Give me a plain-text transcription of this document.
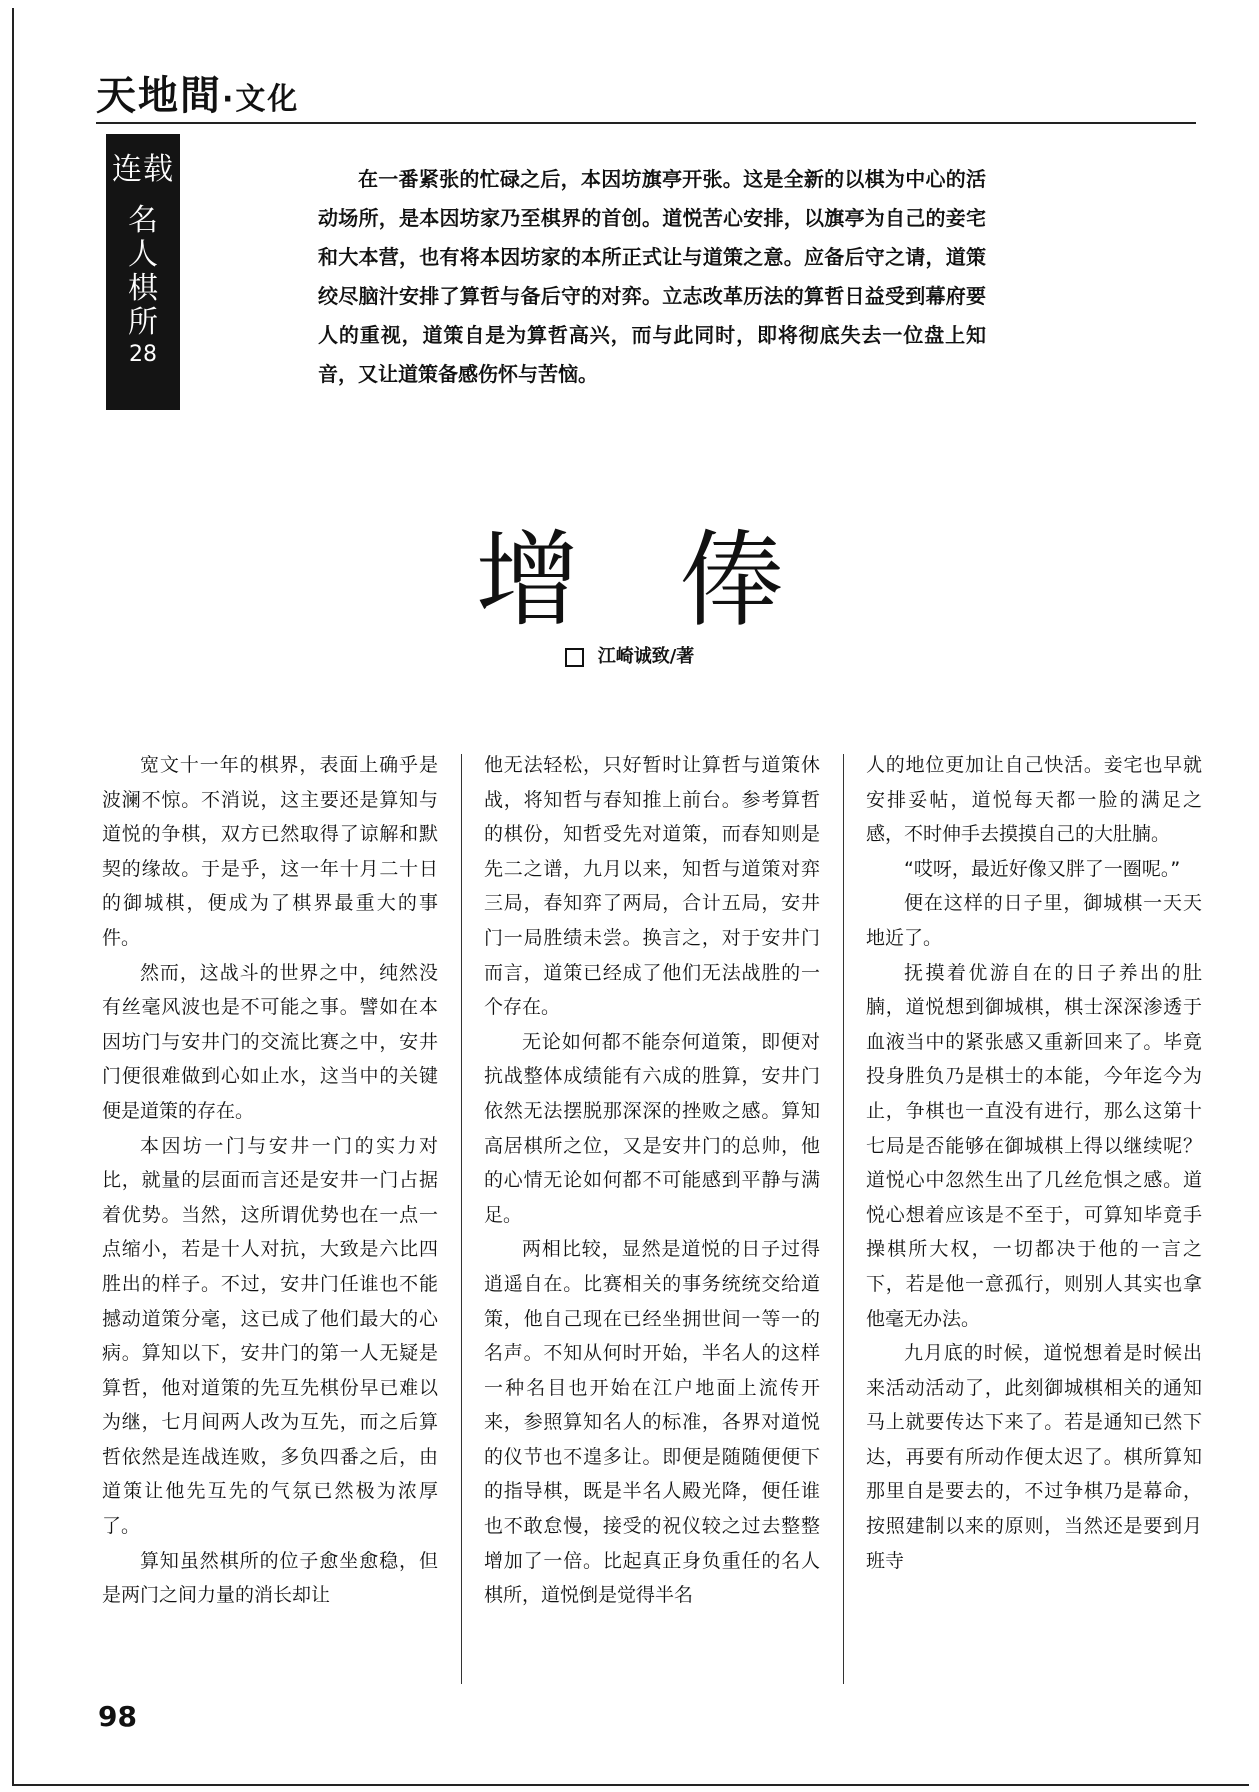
天地間·文化
连载
名
人
棋
所
28

在一番紧张的忙碌之后，本因坊旗亭开张。这是全新的以棋为中心的活动场所，是本因坊家乃至棋界的首创。道悦苦心安排，以旗亭为自己的妾宅和大本营，也有将本因坊家的本所正式让与道策之意。应备后守之请，道策绞尽脑汁安排了算哲与备后守的对弈。立志改革历法的算哲日益受到幕府要人的重视，道策自是为算哲高兴，而与此同时，即将彻底失去一位盘上知音，又让道策备感伤怀与苦恼。

增俸
江崎诚致/著

宽文十一年的棋界，表面上确乎是波澜不惊。不消说，这主要还是算知与道悦的争棋，双方已然取得了谅解和默契的缘故。于是乎，这一年十月二十日的御城棋，便成为了棋界最重大的事件。

然而，这战斗的世界之中，纯然没有丝毫风波也是不可能之事。譬如在本因坊门与安井门的交流比赛之中，安井门便很难做到心如止水，这当中的关键便是道策的存在。

本因坊一门与安井一门的实力对比，就量的层面而言还是安井一门占据着优势。当然，这所谓优势也在一点一点缩小，若是十人对抗，大致是六比四胜出的样子。不过，安井门任谁也不能撼动道策分毫，这已成了他们最大的心病。算知以下，安井门的第一人无疑是算哲，他对道策的先互先棋份早已难以为继，七月间两人改为互先，而之后算哲依然是连战连败，多负四番之后，由道策让他先互先的气氛已然极为浓厚了。

算知虽然棋所的位子愈坐愈稳，但是两门之间力量的消长却让

他无法轻松，只好暂时让算哲与道策休战，将知哲与春知推上前台。参考算哲的棋份，知哲受先对道策，而春知则是先二之谱，九月以来，知哲与道策对弈三局，春知弈了两局，合计五局，安井门一局胜绩未尝。换言之，对于安井门而言，道策已经成了他们无法战胜的一个存在。

无论如何都不能奈何道策，即便对抗战整体成绩能有六成的胜算，安井门依然无法摆脱那深深的挫败之感。算知高居棋所之位，又是安井门的总帅，他的心情无论如何都不可能感到平静与满足。

两相比较，显然是道悦的日子过得逍遥自在。比赛相关的事务统统交给道策，他自己现在已经坐拥世间一等一的名声。不知从何时开始，半名人的这样一种名目也开始在江户地面上流传开来，参照算知名人的标准，各界对道悦的仪节也不遑多让。即便是随随便便下的指导棋，既是半名人殿光降，便任谁也不敢怠慢，接受的祝仪较之过去整整增加了一倍。比起真正身负重任的名人棋所，道悦倒是觉得半名

人的地位更加让自己快活。妾宅也早就安排妥帖，道悦每天都一脸的满足之感，不时伸手去摸摸自己的大肚腩。

“哎呀，最近好像又胖了一圈呢。”

便在这样的日子里，御城棋一天天地近了。

抚摸着优游自在的日子养出的肚腩，道悦想到御城棋，棋士深深渗透于血液当中的紧张感又重新回来了。毕竟投身胜负乃是棋士的本能，今年迄今为止，争棋也一直没有进行，那么这第十七局是否能够在御城棋上得以继续呢？道悦心中忽然生出了几丝危惧之感。道悦心想着应该是不至于，可算知毕竟手操棋所大权，一切都决于他的一言之下，若是他一意孤行，则别人其实也拿他毫无办法。

九月底的时候，道悦想着是时候出来活动活动了，此刻御城棋相关的通知马上就要传达下来了。若是通知已然下达，再要有所动作便太迟了。棋所算知那里自是要去的，不过争棋乃是幕命，按照建制以来的原则，当然还是要到月班寺

98
